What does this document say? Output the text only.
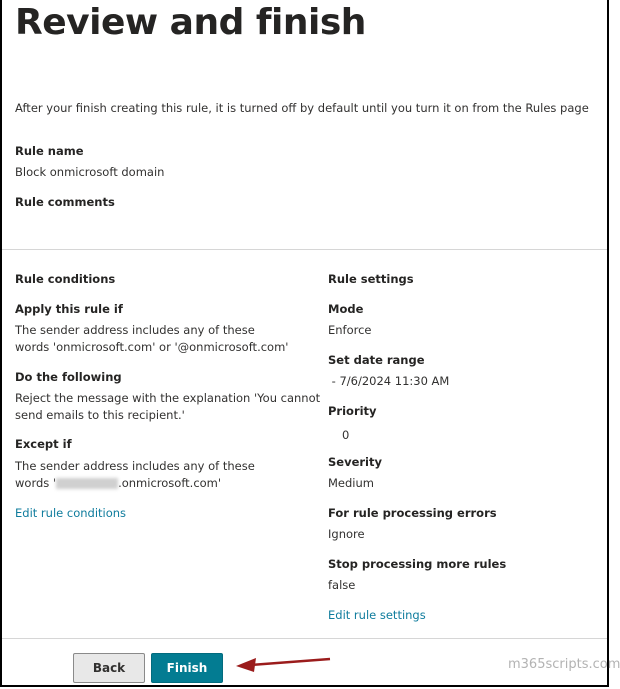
Review and finish
After your finish creating this rule, it is turned off by default until you turn it on from the Rules page
Rule name
Block onmicrosoft domain
Rule comments
Rule conditions
Apply this rule if
The sender address includes any of these
words 'onmicrosoft.com' or '@onmicrosoft.com'
Do the following
Reject the message with the explanation 'You cannot
send emails to this recipient.'
Except if
The sender address includes any of these
words '	.onmicrosoft.com'
Edit rule conditions
Rule settings
Mode
Enforce
Set date range
- 7/6/2024 11:30 AM
Priority
0
Severity
Medium
For rule processing errors
Ignore
Stop processing more rules
false
Edit rule settings
Back	Finish	m365scripts.com
